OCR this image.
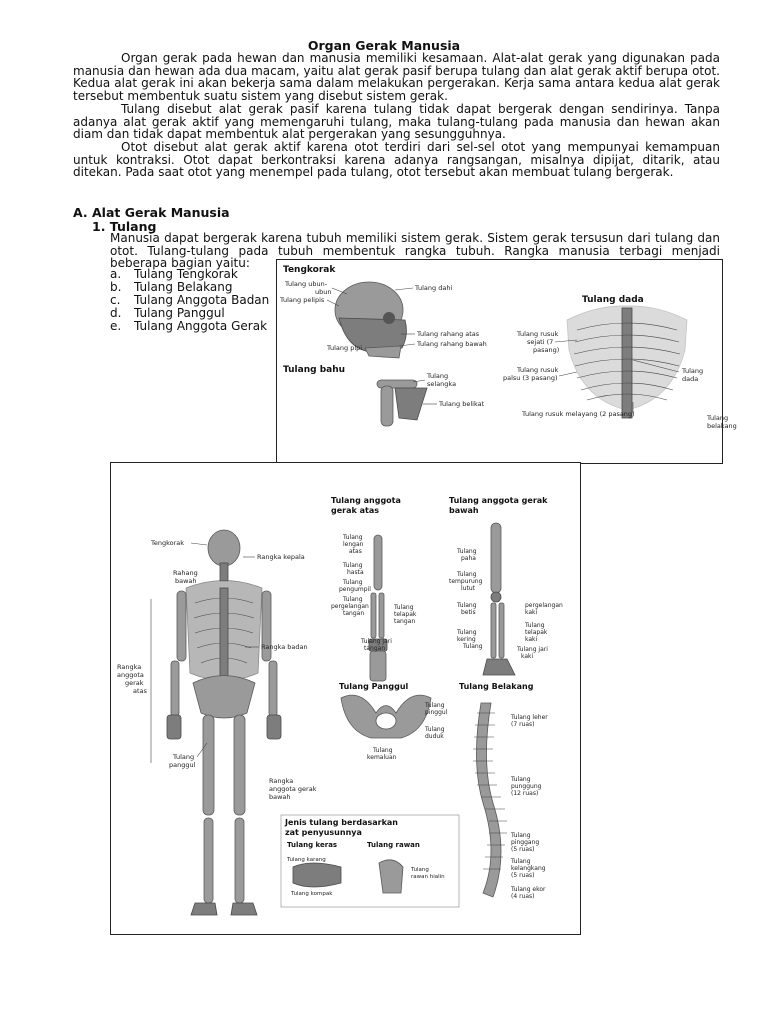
Organ Gerak Manusia
Organ gerak pada hewan dan manusia memiliki kesamaan. Alat-alat gerak yang digunakan pada manusia dan hewan ada dua macam, yaitu alat gerak pasif berupa tulang dan alat gerak aktif berupa otot. Kedua alat gerak ini akan bekerja sama dalam melakukan pergerakan. Kerja sama antara kedua alat gerak tersebut membentuk suatu sistem yang disebut sistem gerak.
Tulang disebut alat gerak pasif karena tulang tidak dapat bergerak dengan sendirinya. Tanpa adanya alat gerak aktif yang memengaruhi tulang, maka tulang-tulang pada manusia dan hewan akan diam dan tidak dapat membentuk alat pergerakan yang sesungguhnya.
Otot disebut alat gerak aktif karena otot terdiri dari sel-sel otot yang mempunyai kemampuan untuk kontraksi. Otot dapat berkontraksi karena adanya rangsangan, misalnya dipijat, ditarik, atau ditekan. Pada saat otot yang menempel pada tulang, otot tersebut akan membuat tulang bergerak.
A. Alat Gerak Manusia
1. Tulang
Manusia dapat bergerak karena tubuh memiliki sistem gerak. Sistem gerak tersusun dari tulang dan otot. Tulang-tulang pada tubuh membentuk rangka tubuh. Rangka manusia terbagi menjadi beberapa bagian yaitu:
a. Tulang Tengkorak
b. Tulang Belakang
c. Tulang Anggota Badan
d. Tulang Panggul
e. Tulang Anggota Gerak
Tengkorak
Tulang ubun-
ubun
Tulang pelipis
Tulang dahi
Tulang pipi
Tulang rahang atas
Tulang rahang bawah
Tulang dada
Tulang rusuk
sejati (7
pasang)
Tulang rusuk
palsu (3 pasang)
Tulang rusuk melayang (2 pasang)
Tulang
dada
Tulang
belakang
Tulang bahu
Tulang
selangka
Tulang belikat
Tengkorak
Rangka kepala
Rahang
bawah
Rangka badan
Rangka
anggota
gerak
atas
Tulang
panggul
Rangka
anggota gerak
bawah
Tulang anggota
gerak atas
Tulang
lengan
atas
Tulang
hasta
Tulang
pengumpil
Tulang
pergelangan
tangan
Tulang
telapak
tangan
Tulang jari
tangan
Tulang anggota gerak
bawah
Tulang
paha
Tulang
tempurung
lutut
Tulang
betis
Tulang
kering
Tulang
pergelangan
kaki
Tulang
telapak
kaki
Tulang jari
kaki
Tulang Panggul
Tulang
pinggul
Tulang
duduk
Tulang
kemaluan
Tulang Belakang
Tulang leher
(7 ruas)
Tulang
punggung
(12 ruas)
Tulang
pinggang
(5 ruas)
Tulang
kelangkang
(5 ruas)
Tulang ekor
(4 ruas)
Jenis tulang berdasarkan
zat penyusunnya
Tulang keras	Tulang rawan
Tulang karang
Tulang kompak
Tulang
rawan hialin
